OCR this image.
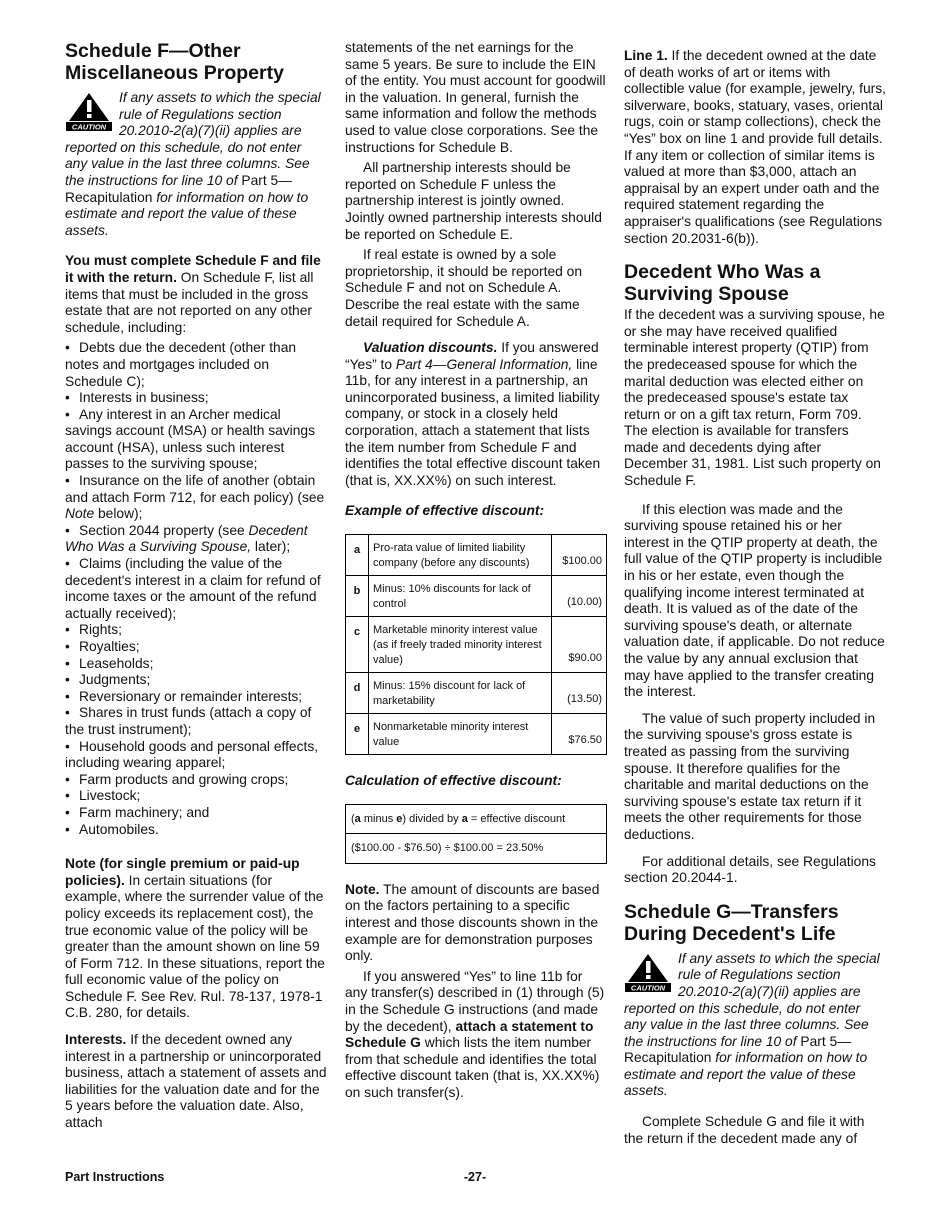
Schedule F—Other Miscellaneous Property
CAUTION
If any assets to which the special rule of Regulations section 20.2010-2(a)(7)(ii) applies are reported on this schedule, do not enter any value in the last three columns. See the instructions for line 10 of Part 5—Recapitulation for information on how to estimate and report the value of these assets.

You must complete Schedule F and file it with the return. On Schedule F, list all items that must be included in the gross estate that are not reported on any other schedule, including:

• Debts due the decedent (other than notes and mortgages included on Schedule C);
• Interests in business;
• Any interest in an Archer medical savings account (MSA) or health savings account (HSA), unless such interest passes to the surviving spouse;
• Insurance on the life of another (obtain and attach Form 712, for each policy) (see Note below);
• Section 2044 property (see Decedent Who Was a Surviving Spouse, later);
• Claims (including the value of the decedent's interest in a claim for refund of income taxes or the amount of the refund actually received);
• Rights;
• Royalties;
• Leaseholds;
• Judgments;
• Reversionary or remainder interests;
• Shares in trust funds (attach a copy of the trust instrument);
• Household goods and personal effects, including wearing apparel;
• Farm products and growing crops;
• Livestock;
• Farm machinery; and
• Automobiles.

Note (for single premium or paid-up policies). In certain situations (for example, where the surrender value of the policy exceeds its replacement cost), the true economic value of the policy will be greater than the amount shown on line 59 of Form 712. In these situations, report the full economic value of the policy on Schedule F. See Rev. Rul. 78-137, 1978-1 C.B. 280, for details.

Interests. If the decedent owned any interest in a partnership or unincorporated business, attach a statement of assets and liabilities for the valuation date and for the 5 years before the valuation date. Also, attach

statements of the net earnings for the same 5 years. Be sure to include the EIN of the entity. You must account for goodwill in the valuation. In general, furnish the same information and follow the methods used to value close corporations. See the instructions for Schedule B.

All partnership interests should be reported on Schedule F unless the partnership interest is jointly owned. Jointly owned partnership interests should be reported on Schedule E.

If real estate is owned by a sole proprietorship, it should be reported on Schedule F and not on Schedule A. Describe the real estate with the same detail required for Schedule A.

Valuation discounts. If you answered “Yes” to Part 4—General Information, line 11b, for any interest in a partnership, an unincorporated business, a limited liability company, or stock in a closely held corporation, attach a statement that lists the item number from Schedule F and identifies the total effective discount taken (that is, XX.XX%) on such interest.

Example of effective discount:
a	Pro-rata value of limited liability company (before any discounts)	$100.00
b	Minus: 10% discounts for lack of control	(10.00)
c	Marketable minority interest value (as if freely traded minority interest value)	$90.00
d	Minus: 15% discount for lack of marketability	(13.50)
e	Nonmarketable minority interest value	$76.50
Calculation of effective discount:
(a minus e) divided by a = effective discount
($100.00 - $76.50) ÷ $100.00 = 23.50%

Note. The amount of discounts are based on the factors pertaining to a specific interest and those discounts shown in the example are for demonstration purposes only.

If you answered “Yes” to line 11b for any transfer(s) described in (1) through (5) in the Schedule G instructions (and made by the decedent), attach a statement to Schedule G which lists the item number from that schedule and identifies the total effective discount taken (that is, XX.XX%) on such transfer(s).

Line 1. If the decedent owned at the date of death works of art or items with collectible value (for example, jewelry, furs, silverware, books, statuary, vases, oriental rugs, coin or stamp collections), check the “Yes” box on line 1 and provide full details. If any item or collection of similar items is valued at more than $3,000, attach an appraisal by an expert under oath and the required statement regarding the appraiser's qualifications (see Regulations section 20.2031-6(b)).

Decedent Who Was a Surviving Spouse

If the decedent was a surviving spouse, he or she may have received qualified terminable interest property (QTIP) from the predeceased spouse for which the marital deduction was elected either on the predeceased spouse's estate tax return or on a gift tax return, Form 709. The election is available for transfers made and decedents dying after December 31, 1981. List such property on Schedule F.

If this election was made and the surviving spouse retained his or her interest in the QTIP property at death, the full value of the QTIP property is includible in his or her estate, even though the qualifying income interest terminated at death. It is valued as of the date of the surviving spouse's death, or alternate valuation date, if applicable. Do not reduce the value by any annual exclusion that may have applied to the transfer creating the interest.

The value of such property included in the surviving spouse's gross estate is treated as passing from the surviving spouse. It therefore qualifies for the charitable and marital deductions on the surviving spouse's estate tax return if it meets the other requirements for those deductions.

For additional details, see Regulations section 20.2044-1.

Schedule G—Transfers During Decedent's Life
CAUTION
If any assets to which the special rule of Regulations section 20.2010-2(a)(7)(ii) applies are reported on this schedule, do not enter any value in the last three columns. See the instructions for line 10 of Part 5—Recapitulation for information on how to estimate and report the value of these assets.

Complete Schedule G and file it with the return if the decedent made any of

-27-
Part Instructions
